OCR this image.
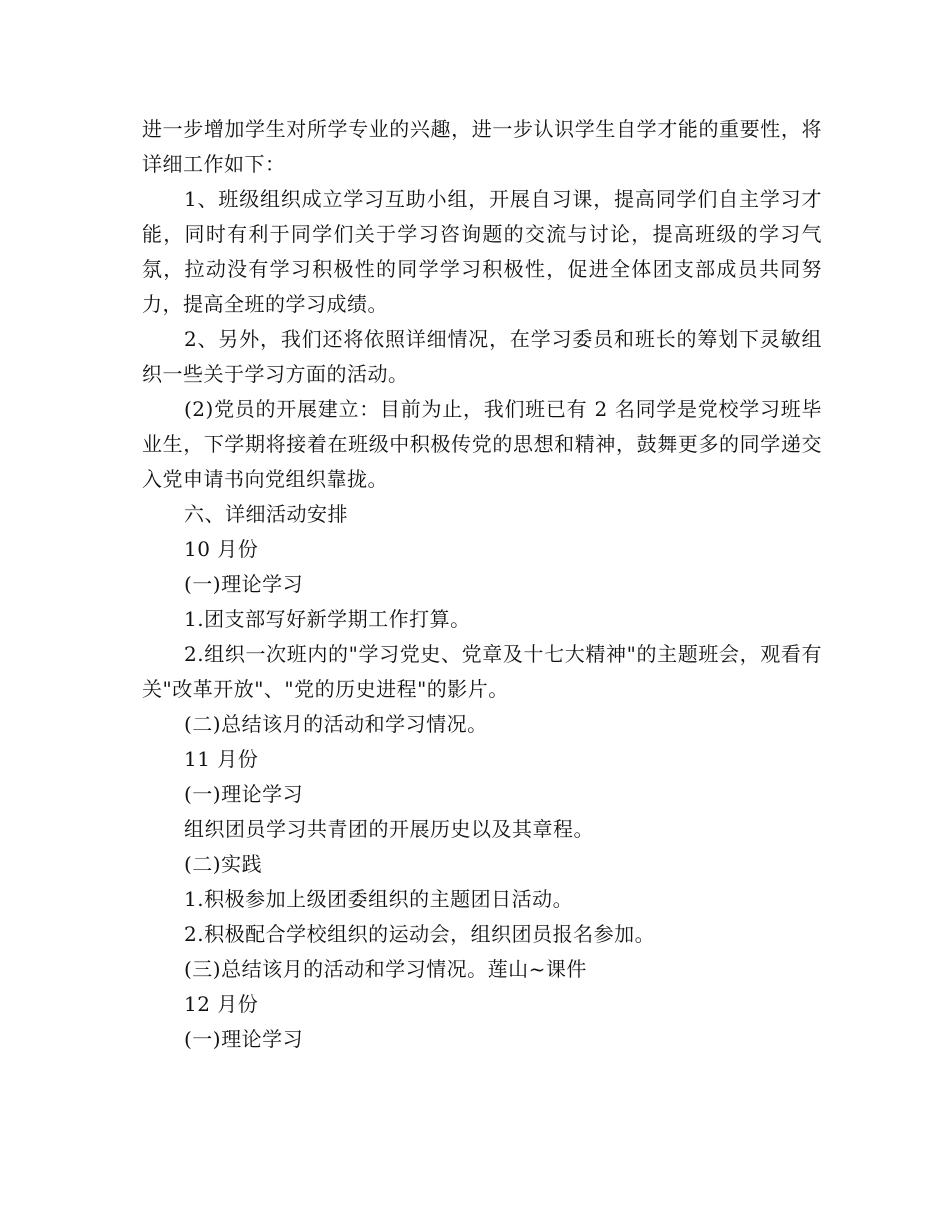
进一步增加学生对所学专业的兴趣，进一步认识学生自学才能的重要性，将详细工作如下：

1、班级组织成立学习互助小组，开展自习课，提高同学们自主学习才能，同时有利于同学们关于学习咨询题的交流与讨论，提高班级的学习气氛，拉动没有学习积极性的同学学习积极性，促进全体团支部成员共同努力，提高全班的学习成绩。

2、另外，我们还将依照详细情况，在学习委员和班长的筹划下灵敏组织一些关于学习方面的活动。

(2)党员的开展建立：目前为止，我们班已有 2 名同学是党校学习班毕业生，下学期将接着在班级中积极传党的思想和精神，鼓舞更多的同学递交入党申请书向党组织靠拢。

六、详细活动安排

10 月份

(一)理论学习

1.团支部写好新学期工作打算。

2.组织一次班内的"学习党史、党章及十七大精神"的主题班会，观看有关"改革开放"、"党的历史进程"的影片。

(二)总结该月的活动和学习情况。

11 月份

(一)理论学习

组织团员学习共青团的开展历史以及其章程。

(二)实践

1.积极参加上级团委组织的主题团日活动。

2.积极配合学校组织的运动会，组织团员报名参加。

(三)总结该月的活动和学习情况。莲山~课件

12 月份

(一)理论学习
